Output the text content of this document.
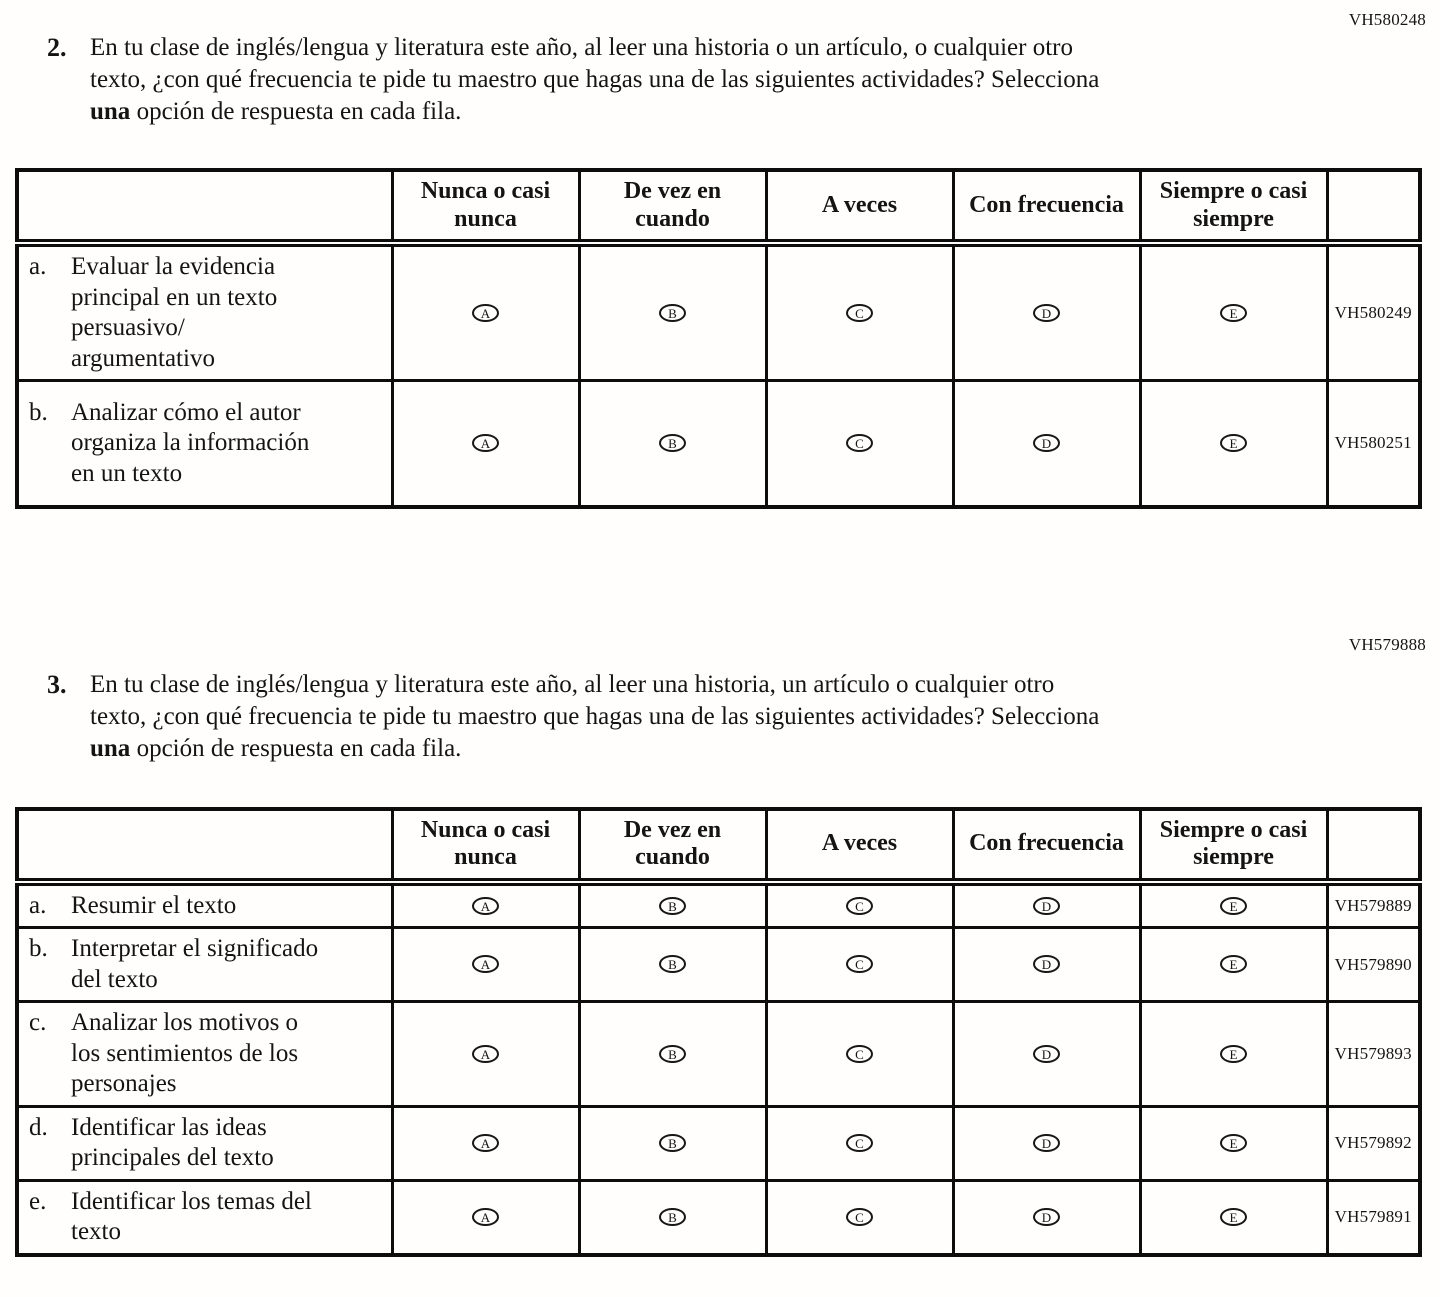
VH580248
2. En tu clase de inglés/lengua y literatura este año, al leer una historia o un artículo, o cualquier otro texto, ¿con qué frecuencia te pide tu maestro que hagas una de las siguientes actividades? Selecciona una opción de respuesta en cada fila.

	Nunca o casi nunca	De vez en cuando	A veces	Con frecuencia	Siempre o casi siempre	

a. Evaluar la evidencia principal en un texto persuasivo/ argumentativo	A	B	C	D	E	VH580249

b. Analizar cómo el autor organiza la información en un texto	A	B	C	D	E	VH580251
VH579888
3. En tu clase de inglés/lengua y literatura este año, al leer una historia, un artículo o cualquier otro texto, ¿con qué frecuencia te pide tu maestro que hagas una de las siguientes actividades? Selecciona una opción de respuesta en cada fila.

	Nunca o casi nunca	De vez en cuando	A veces	Con frecuencia	Siempre o casi siempre	

a. Resumir el texto	A	B	C	D	E	VH579889

b. Interpretar el significado del texto	A	B	C	D	E	VH579890

c. Analizar los motivos o los sentimientos de los personajes	A	B	C	D	E	VH579893

d. Identificar las ideas principales del texto	A	B	C	D	E	VH579892

e. Identificar los temas del texto	A	B	C	D	E	VH579891
